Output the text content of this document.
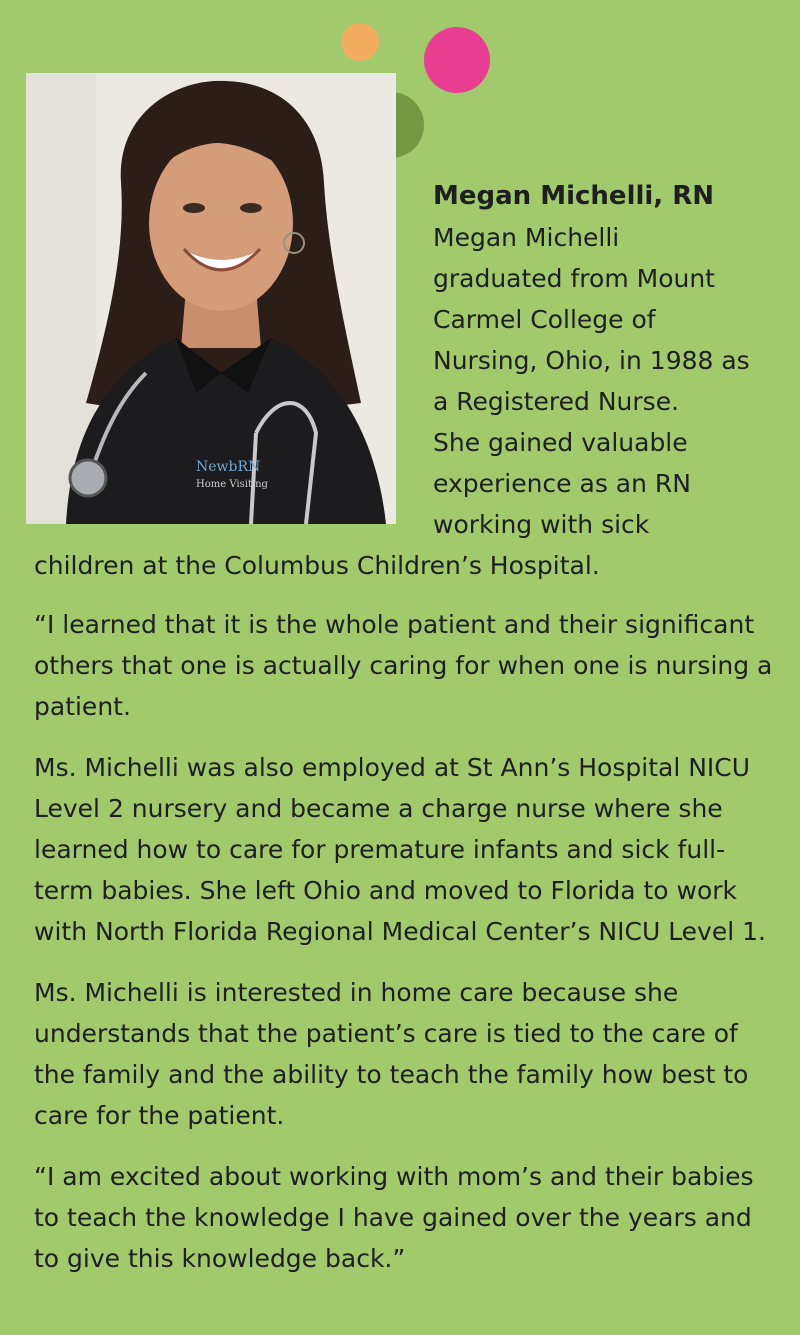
NewbRN
Home Visiting
Megan Michelli, RN
Megan Michelli
graduated from Mount
Carmel College of
Nursing, Ohio, in 1988 as
a Registered Nurse.
She gained valuable
experience as an RN
working with sick
children at the Columbus Children’s Hospital.

“I learned that it is the whole patient and their significant others that one is actually caring for when one is nursing a patient.

Ms. Michelli was also employed at St Ann’s Hospital NICU Level 2 nursery and became a charge nurse where she learned how to care for premature infants and sick full-term babies. She left Ohio and moved to Florida to work with North Florida Regional Medical Center’s NICU Level 1.

Ms. Michelli is interested in home care because she understands that the patient’s care is tied to the care of the family and the ability to teach the family how best to care for the patient.

“I am excited about working with mom’s and their babies to teach the knowledge I have gained over the years and to give this knowledge back.”
